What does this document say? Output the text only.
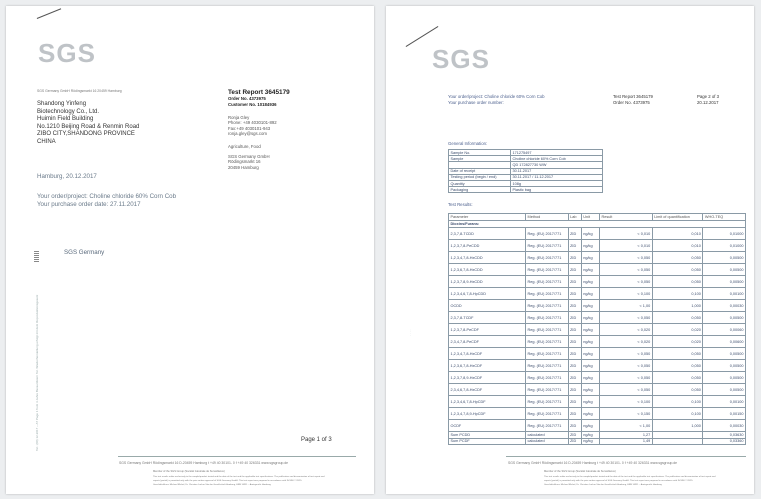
SGS
SGS Germany GmbH Rödingsmarkt 16 20459 Hamburg	Test Report 3645179
Order No. 4373975
Customer No. 10184936
Shandong Yinfeng
Biotechnology Co., Ltd.
Huimin Field Building
No.1210 Beijing Road & Renmin Road
ZIBO CITY,SHANDONG PROVINCE
CHINA
Ronja Gley
Phone: +49 4030101-892
Fax:+49 4030101-943
ronja.gley@sgs.com
Agriculture, Food
SGS Germany GmbH
Rödingsmarkt 16
20459 Hamburg
Hamburg, 20.12.2017
Your order/project: Choline chloride 60% Corn Cob
Your purchase order date: 27.11.2017
SGS Germany
Tel.: (00) 12.2017 – AT Page 1 from 3 Jahre Beraunfeiern Tel. Wiederherstellung erfolgt mit dem Reproduktionsgesetz	Page 1 of 3
SGS Germany GmbH Rödingsmarkt 16 D-20459 Hamburg t +49 40 30101- 0 f +49 40 326331 www.sgsgroup.de
Member of the SGS Group (Société Générale de Surveillance)
This test results relate exclusively to the sample/product tested and the date of the test and the applicable test specifications. The publication and dissemination of test report and
reports (partial) is permitted only with the prior written approval of SGS Germany GmbH. This test report was prepared in accordance with ISO/IEC 17025.
Geschäftsführer: Michael Michel, Dr. Christian Lacher Sitz der Gesellschaft Hamburg, HRB 16911 – Amtsgericht Hamburg
SGS
Your order/project: Choline chloride 60% Corn Cob
Your purchase order number:
Test Report 3645179
Order No. 4373975
Page 2 of 3
20.12.2017
General Information:
Sample No.	171275497
Sample	Choline chloride 60% Corn Cob
	QD 172827730 WW
Date of receipt	30.11.2017
Testing period (begin / end)	30.11.2017 / 11.12.2017
Quantity	108g
Packaging	Plastic bag
Test Results:
Parameter	Method	Lab	Unit	Result	Limit of quantification	WHO-TEQ
Dioxins/Furans:						
2,3,7,8-TCDD	Reg. (EU) 2017/771	ZID	ng/kg	< 0,010	0,010	0,01000
1,2,3,7,8-PeCDD	Reg. (EU) 2017/771	ZID	ng/kg	< 0,010	0,010	0,01000
1,2,3,4,7,8-HxCDD	Reg. (EU) 2017/771	ZID	ng/kg	< 0,050	0,050	0,00500
1,2,3,6,7,8-HxCDD	Reg. (EU) 2017/771	ZID	ng/kg	< 0,050	0,050	0,00500
1,2,3,7,8,9-HxCDD	Reg. (EU) 2017/771	ZID	ng/kg	< 0,050	0,050	0,00500
1,2,3,4,6,7,8-HpCDD	Reg. (EU) 2017/771	ZID	ng/kg	< 0,100	0,100	0,00100
OCDD	Reg. (EU) 2017/771	ZID	ng/kg	< 1,00	1,000	0,00030
2,3,7,8-TCDF	Reg. (EU) 2017/771	ZID	ng/kg	< 0,050	0,050	0,00500
1,2,3,7,8-PeCDF	Reg. (EU) 2017/771	ZID	ng/kg	< 0,020	0,020	0,00060
2,3,4,7,8-PeCDF	Reg. (EU) 2017/771	ZID	ng/kg	< 0,020	0,020	0,00600
1,2,3,4,7,8-HxCDF	Reg. (EU) 2017/771	ZID	ng/kg	< 0,050	0,050	0,00500
1,2,3,6,7,8-HxCDF	Reg. (EU) 2017/771	ZID	ng/kg	< 0,050	0,050	0,00500
1,2,3,7,8,9-HxCDF	Reg. (EU) 2017/771	ZID	ng/kg	< 0,050	0,050	0,00500
2,3,4,6,7,8-HxCDF	Reg. (EU) 2017/771	ZID	ng/kg	< 0,050	0,050	0,00500
1,2,3,4,6,7,8-HpCDF	Reg. (EU) 2017/771	ZID	ng/kg	< 0,100	0,100	0,00100
1,2,3,4,7,8,9-HpCDF	Reg. (EU) 2017/771	ZID	ng/kg	< 0,150	0,100	0,00150
OCDF	Reg. (EU) 2017/771	ZID	ng/kg	< 1,00	1,000	0,00030
Sum PCDD	calculated	ZID	ng/kg	1,27		0,03630
Sum PCDF	calculated	ZID	ng/kg	1,49		0,03360
· · · ·
SGS Germany GmbH Rödingsmarkt 16 D-20459 Hamburg t +49 40 30101- 0 f +49 40 326331 www.sgsgroup.de
Member of the SGS Group (Société Générale de Surveillance)
This test results relate exclusively to the sample/product tested and the date of the test and the applicable test specifications. The publication and dissemination of test report and
reports (partial) is permitted only with the prior written approval of SGS Germany GmbH. This test report was prepared in accordance with ISO/IEC 17025.
Geschäftsführer: Michael Michel, Dr. Christian Lacher Sitz der Gesellschaft Hamburg, HRB 16911 – Amtsgericht Hamburg
